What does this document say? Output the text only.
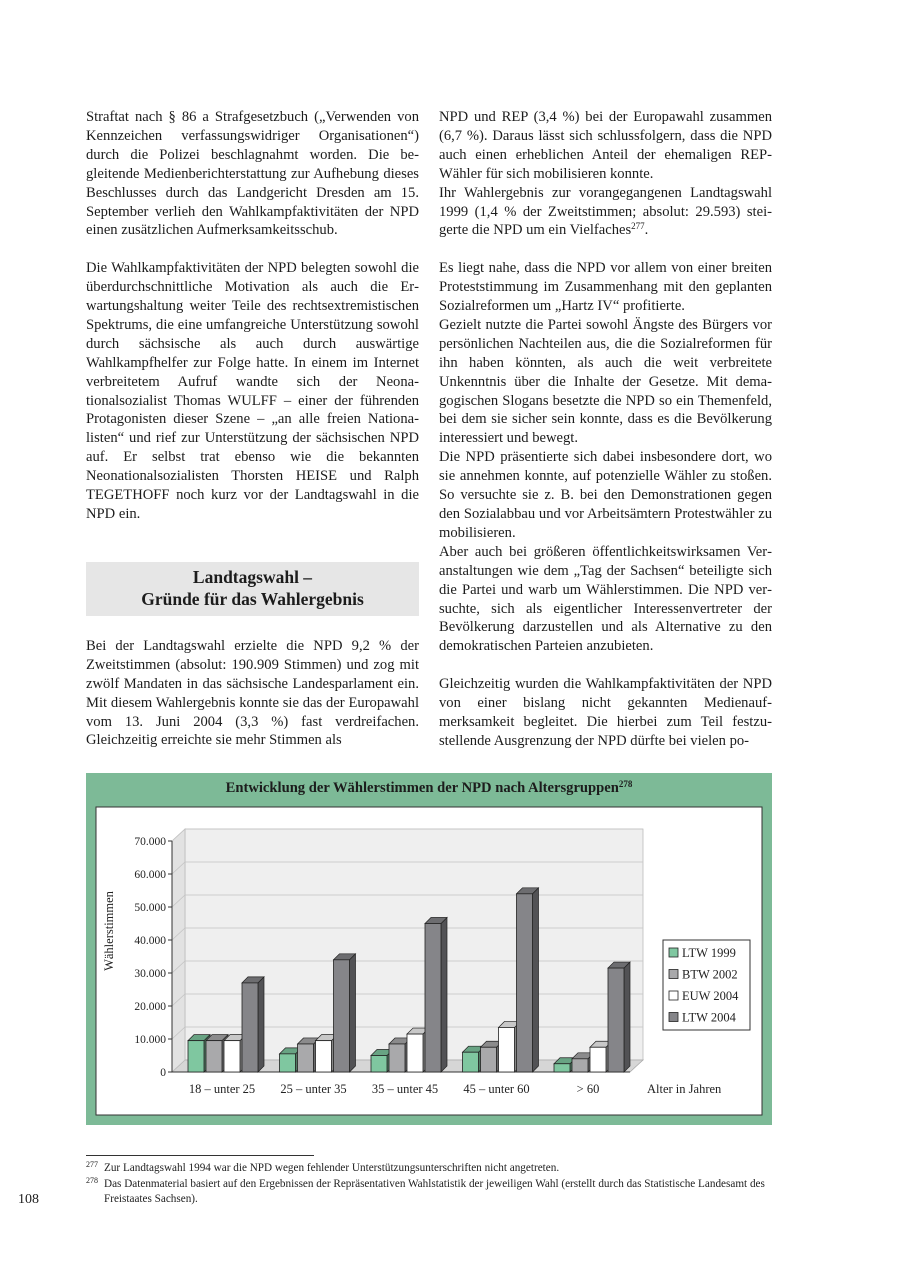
Straftat nach § 86 a Strafgesetzbuch („Verwenden von Kennzeichen verfassungswidriger Organisationen“) durch die Polizei beschlagnahmt worden. Die begleitende Medienberichterstattung zur Aufhebung dieses Beschlusses durch das Landgericht Dresden am 15. September verlieh den Wahlkampfaktivitäten der NPD einen zusätzlichen Aufmerksamkeitsschub.

Die Wahlkampfaktivitäten der NPD belegten sowohl die überdurchschnittliche Motivation als auch die Erwartungshaltung weiter Teile des rechtsextremistischen Spektrums, die eine umfangreiche Unterstützung sowohl durch sächsische als auch durch auswärtige Wahlkampfhelfer zur Folge hatte. In einem im Internet verbreitetem Aufruf wandte sich der Neonationalsozialist Thomas WULFF – einer der führenden Protagonisten dieser Szene – „an alle freien Nationalisten“ und rief zur Unterstützung der sächsischen NPD auf. Er selbst trat ebenso wie die bekannten Neonationalsozialisten Thorsten HEISE und Ralph TEGETHOFF noch kurz vor der Landtagswahl in die NPD ein.

Landtagswahl –
Gründe für das Wahlergebnis

Bei der Landtagswahl erzielte die NPD 9,2 % der Zweitstimmen (absolut: 190.909 Stimmen) und zog mit zwölf Mandaten in das sächsische Landesparlament ein. Mit diesem Wahlergebnis konnte sie das der Europawahl vom 13. Juni 2004 (3,3 %) fast verdreifachen. Gleichzeitig erreichte sie mehr Stimmen als

NPD und REP (3,4 %) bei der Europawahl zusammen (6,7 %). Daraus lässt sich schlussfolgern, dass die NPD auch einen erheblichen Anteil der ehemaligen REP-Wähler für sich mobilisieren konnte.

Ihr Wahlergebnis zur vorangegangenen Landtagswahl 1999 (1,4 % der Zweitstimmen; absolut: 29.593) steigerte die NPD um ein Vielfaches$^{277}$.

Es liegt nahe, dass die NPD vor allem von einer breiten Proteststimmung im Zusammenhang mit den geplanten Sozialreformen um „Hartz IV“ profitierte.

Gezielt nutzte die Partei sowohl Ängste des Bürgers vor persönlichen Nachteilen aus, die die Sozialreformen für ihn haben könnten, als auch die weit verbreitete Unkenntnis über die Inhalte der Gesetze. Mit demagogischen Slogans besetzte die NPD so ein Themenfeld, bei dem sie sicher sein konnte, dass es die Bevölkerung interessiert und bewegt.

Die NPD präsentierte sich dabei insbesondere dort, wo sie annehmen konnte, auf potenzielle Wähler zu stoßen. So versuchte sie z. B. bei den Demonstrationen gegen den Sozialabbau und vor Arbeitsämtern Protestwähler zu mobilisieren.

Aber auch bei größeren öffentlichkeitswirksamen Veranstaltungen wie dem „Tag der Sachsen“ beteiligte sich die Partei und warb um Wählerstimmen. Die NPD versuchte, sich als eigentlicher Interessenvertreter der Bevölkerung darzustellen und als Alternative zu den demokratischen Parteien anzubieten.

Gleichzeitig wurden die Wahlkampfaktivitäten der NPD von einer bislang nicht gekannten Medienaufmerksamkeit begleitet. Die hierbei zum Teil festzustellende Ausgrenzung der NPD dürfte bei vielen po-

0
10.000
20.000
30.000
40.000
50.000
60.000
70.000
Wählerstimmen
18 – unter 25 25 – unter 35 35 – unter 45 45 – unter 60	> 60	Alter in Jahren
LTW 1999
BTW 2002
EUW 2004
LTW 2004
Entwicklung der Wählerstimmen der NPD nach Altersgruppen$^{278}$
277 Zur Landtagswahl 1994 war die NPD wegen fehlender Unterstützungsunterschriften nicht angetreten.
278 Das Datenmaterial basiert auf den Ergebnissen der Repräsentativen Wahlstatistik der jeweiligen Wahl (erstellt durch das Statistische Landesamt des Freistaates Sachsen).
108
